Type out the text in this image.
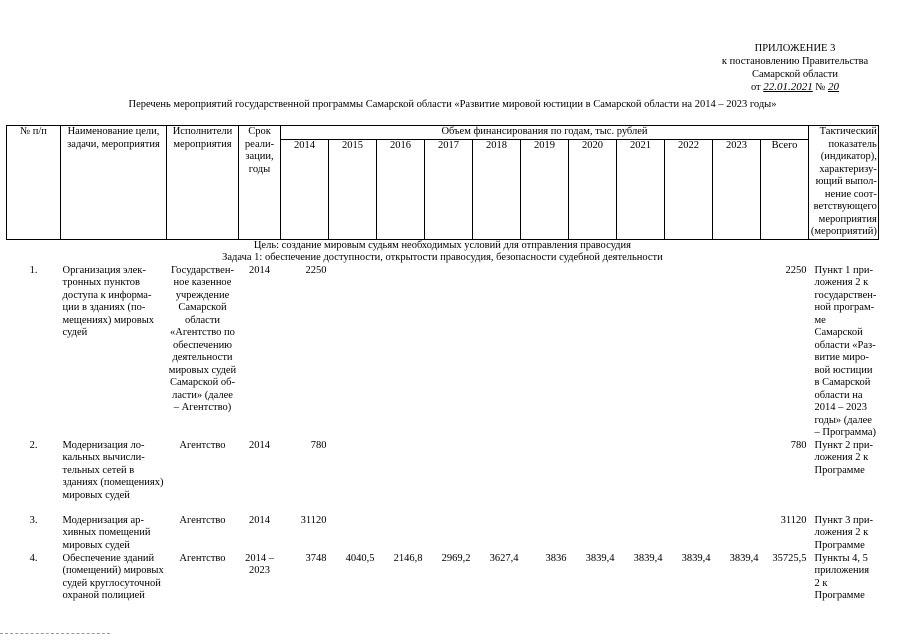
ПРИЛОЖЕНИЕ 3
к постановлению Правительства
Самарской области
от 22.01.2021 № 20
Перечень мероприятий государственной программы Самарской области «Развитие мировой юстиции в Самарской области на 2014 – 2023 годы»
№ п/п	Наименование цели, задачи, мероприятия	Исполнители мероприятия	Срок реализации, годы	Объем финансирования по годам, тыс. рублей											Тактический показатель (индикатор), характеризующий выполнение соответствующего мероприятия (мероприятий)
				2014	2015	2016	2017	2018	2019	2020	2021	2022	2023	Всего	
Цель: создание мировым судьям необходимых условий для отправления правосудия															
Задача 1: обеспечение доступности, открытости правосудия, безопасности судебной деятельности															
1.	Организация электронных пунктов доступа к информации в зданиях (помещениях) мировых судей	Государственное казенное учреждение Самарской области «Агентство по обеспечению деятельности мировых судей Самарской области» (далее – Агентство)	2014	2250										2250	Пункт 1 приложения 2 к государственной программе Самарской области «Развитие мировой юстиции в Самарской области на 2014 – 2023 годы» (далее – Программа)
2.	Модернизация локальных вычислительных сетей в зданиях (помещениях) мировых судей	Агентство	2014	780										780	Пункт 2 приложения 2 к Программе
3.	Модернизация архивных помещений мировых судей	Агентство	2014	31120										31120	Пункт 3 приложения 2 к Программе
4.	Обеспечение зданий (помещений) мировых судей круглосуточной охраной полицией	Агентство	2014 – 2023	3748	4040,5	2146,8	2969,2	3627,4	3836	3839,4	3839,4	3839,4	3839,4	35725,5	Пункты 4, 5 приложения 2 к Программе
